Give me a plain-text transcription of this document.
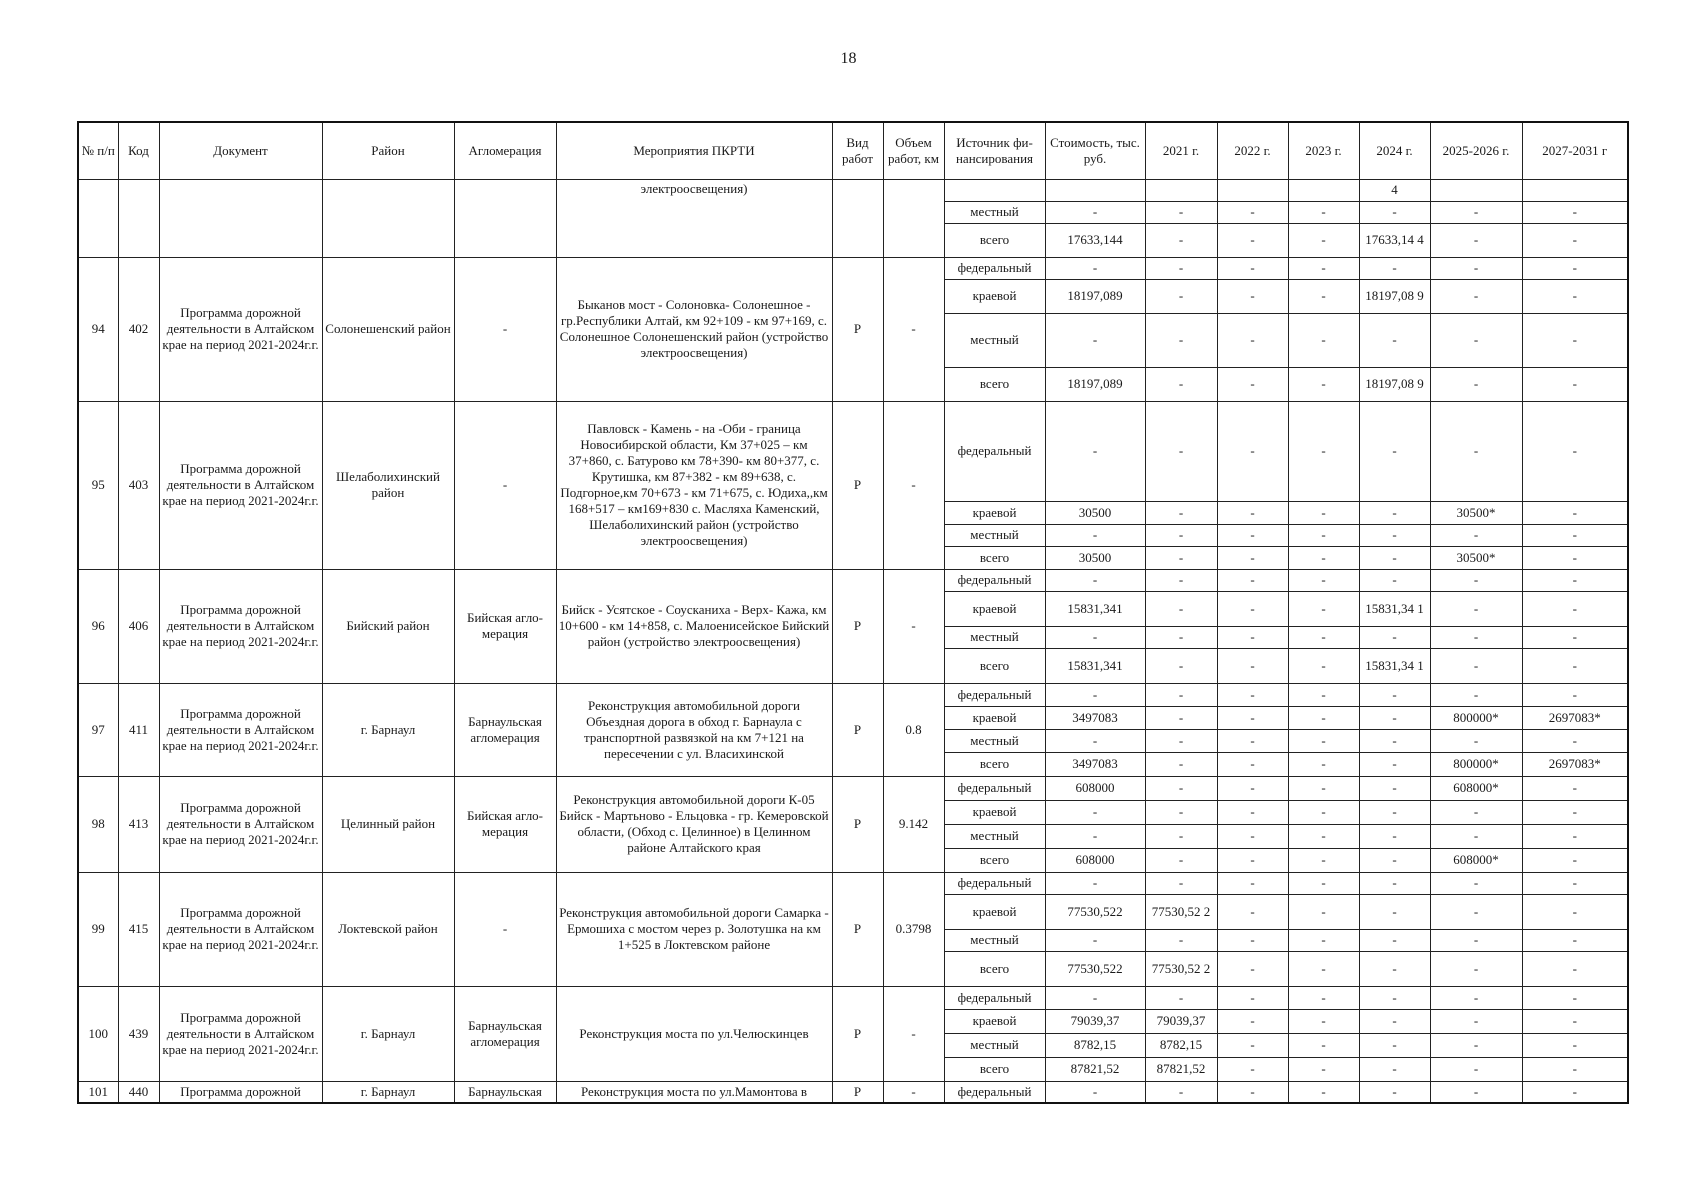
18
№ п/п	Код	Документ	Район	Агломерация	Мероприятия ПКРТИ	Вид работ	Объем работ, км	Источник фи- нансирования	Стоимость, тыс. руб.	2021 г.	2022 г.	2023 г.	2024 г.	2025-2026 г.	2027-2031 г
					электроосвещения)								4		
								местный	-	-	-	-	-	-	-
								всего	17633,144	-	-	-	17633,14 4	-	-
94	402	Программа дорожной деятельности в Алтайском крае на период 2021-2024г.г.	Солонешенский район	-	Быканов мост - Солоновка- Солонешное - гр.Республики Алтай, км 92+109 - км 97+169, с. Солонешное Солонешенский район (устройство электроосвещения)	Р	-	федеральный	-	-	-	-	-	-	-
								краевой	18197,089	-	-	-	18197,08 9	-	-
								местный	-	-	-	-	-	-	-
								всего	18197,089	-	-	-	18197,08 9	-	-
95	403	Программа дорожной деятельности в Алтайском крае на период 2021-2024г.г.	Шелаболихинский район	-	Павловск - Камень - на -Оби - граница Новосибирской области, Км 37+025 – км 37+860, с. Батурово км 78+390- км 80+377, с. Крутишка, км 87+382 - км 89+638, с. Подгорное,км 70+673 - км 71+675, с. Юдиха,,км 168+517 – км169+830 с. Масляха Каменский, Шелаболихинский район (устройство электроосвещения)	Р	-	федеральный	-	-	-	-	-	-	-
								краевой	30500	-	-	-	-	30500*	-
								местный	-	-	-	-	-	-	-
								всего	30500	-	-	-	-	30500*	-
96	406	Программа дорожной деятельности в Алтайском крае на период 2021-2024г.г.	Бийский район	Бийская агло- мерация	Бийск - Усятское - Соусканиха - Верх- Кажа, км 10+600 - км 14+858, с. Малоенисейское Бийский район (устройство электроосвещения)	Р	-	федеральный	-	-	-	-	-	-	-
								краевой	15831,341	-	-	-	15831,34 1	-	-
								местный	-	-	-	-	-	-	-
								всего	15831,341	-	-	-	15831,34 1	-	-
97	411	Программа дорожной деятельности в Алтайском крае на период 2021-2024г.г.	г. Барнаул	Барнаульская агломерация	Реконструкция автомобильной дороги Объездная дорога в обход г. Барнаула с транспортной развязкой на км 7+121 на пересечении с ул. Власихинской	Р	0.8	федеральный	-	-	-	-	-	-	-
								краевой	3497083	-	-	-	-	800000*	2697083*
								местный	-	-	-	-	-	-	-
								всего	3497083	-	-	-	-	800000*	2697083*
98	413	Программа дорожной деятельности в Алтайском крае на период 2021-2024г.г.	Целинный район	Бийская агло- мерация	Реконструкция автомобильной дороги К-05 Бийск - Мартьново - Ельцовка - гр. Кемеровской области, (Обход с. Целинное) в Целинном районе Алтайского края	Р	9.142	федеральный	608000	-	-	-	-	608000*	-
								краевой	-	-	-	-	-	-	-
								местный	-	-	-	-	-	-	-
								всего	608000	-	-	-	-	608000*	-
99	415	Программа дорожной деятельности в Алтайском крае на период 2021-2024г.г.	Локтевской район	-	Реконструкция автомобильной дороги Самарка - Ермошиха с мостом через р. Золотушка на км 1+525 в Локтевском районе	Р	0.3798	федеральный	-	-	-	-	-	-	-
								краевой	77530,522	77530,52 2	-	-	-	-	-
								местный	-	-	-	-	-	-	-
								всего	77530,522	77530,52 2	-	-	-	-	-
100	439	Программа дорожной деятельности в Алтайском крае на период 2021-2024г.г.	г. Барнаул	Барнаульская агломерация	Реконструкция моста по ул.Челюскинцев	Р	-	федеральный	-	-	-	-	-	-	-
								краевой	79039,37	79039,37	-	-	-	-	-
								местный	8782,15	8782,15	-	-	-	-	-
								всего	87821,52	87821,52	-	-	-	-	-
101	440	Программа дорожной	г. Барнаул	Барнаульская	Реконструкция моста по ул.Мамонтова в	Р	-	федеральный	-	-	-	-	-	-	-
